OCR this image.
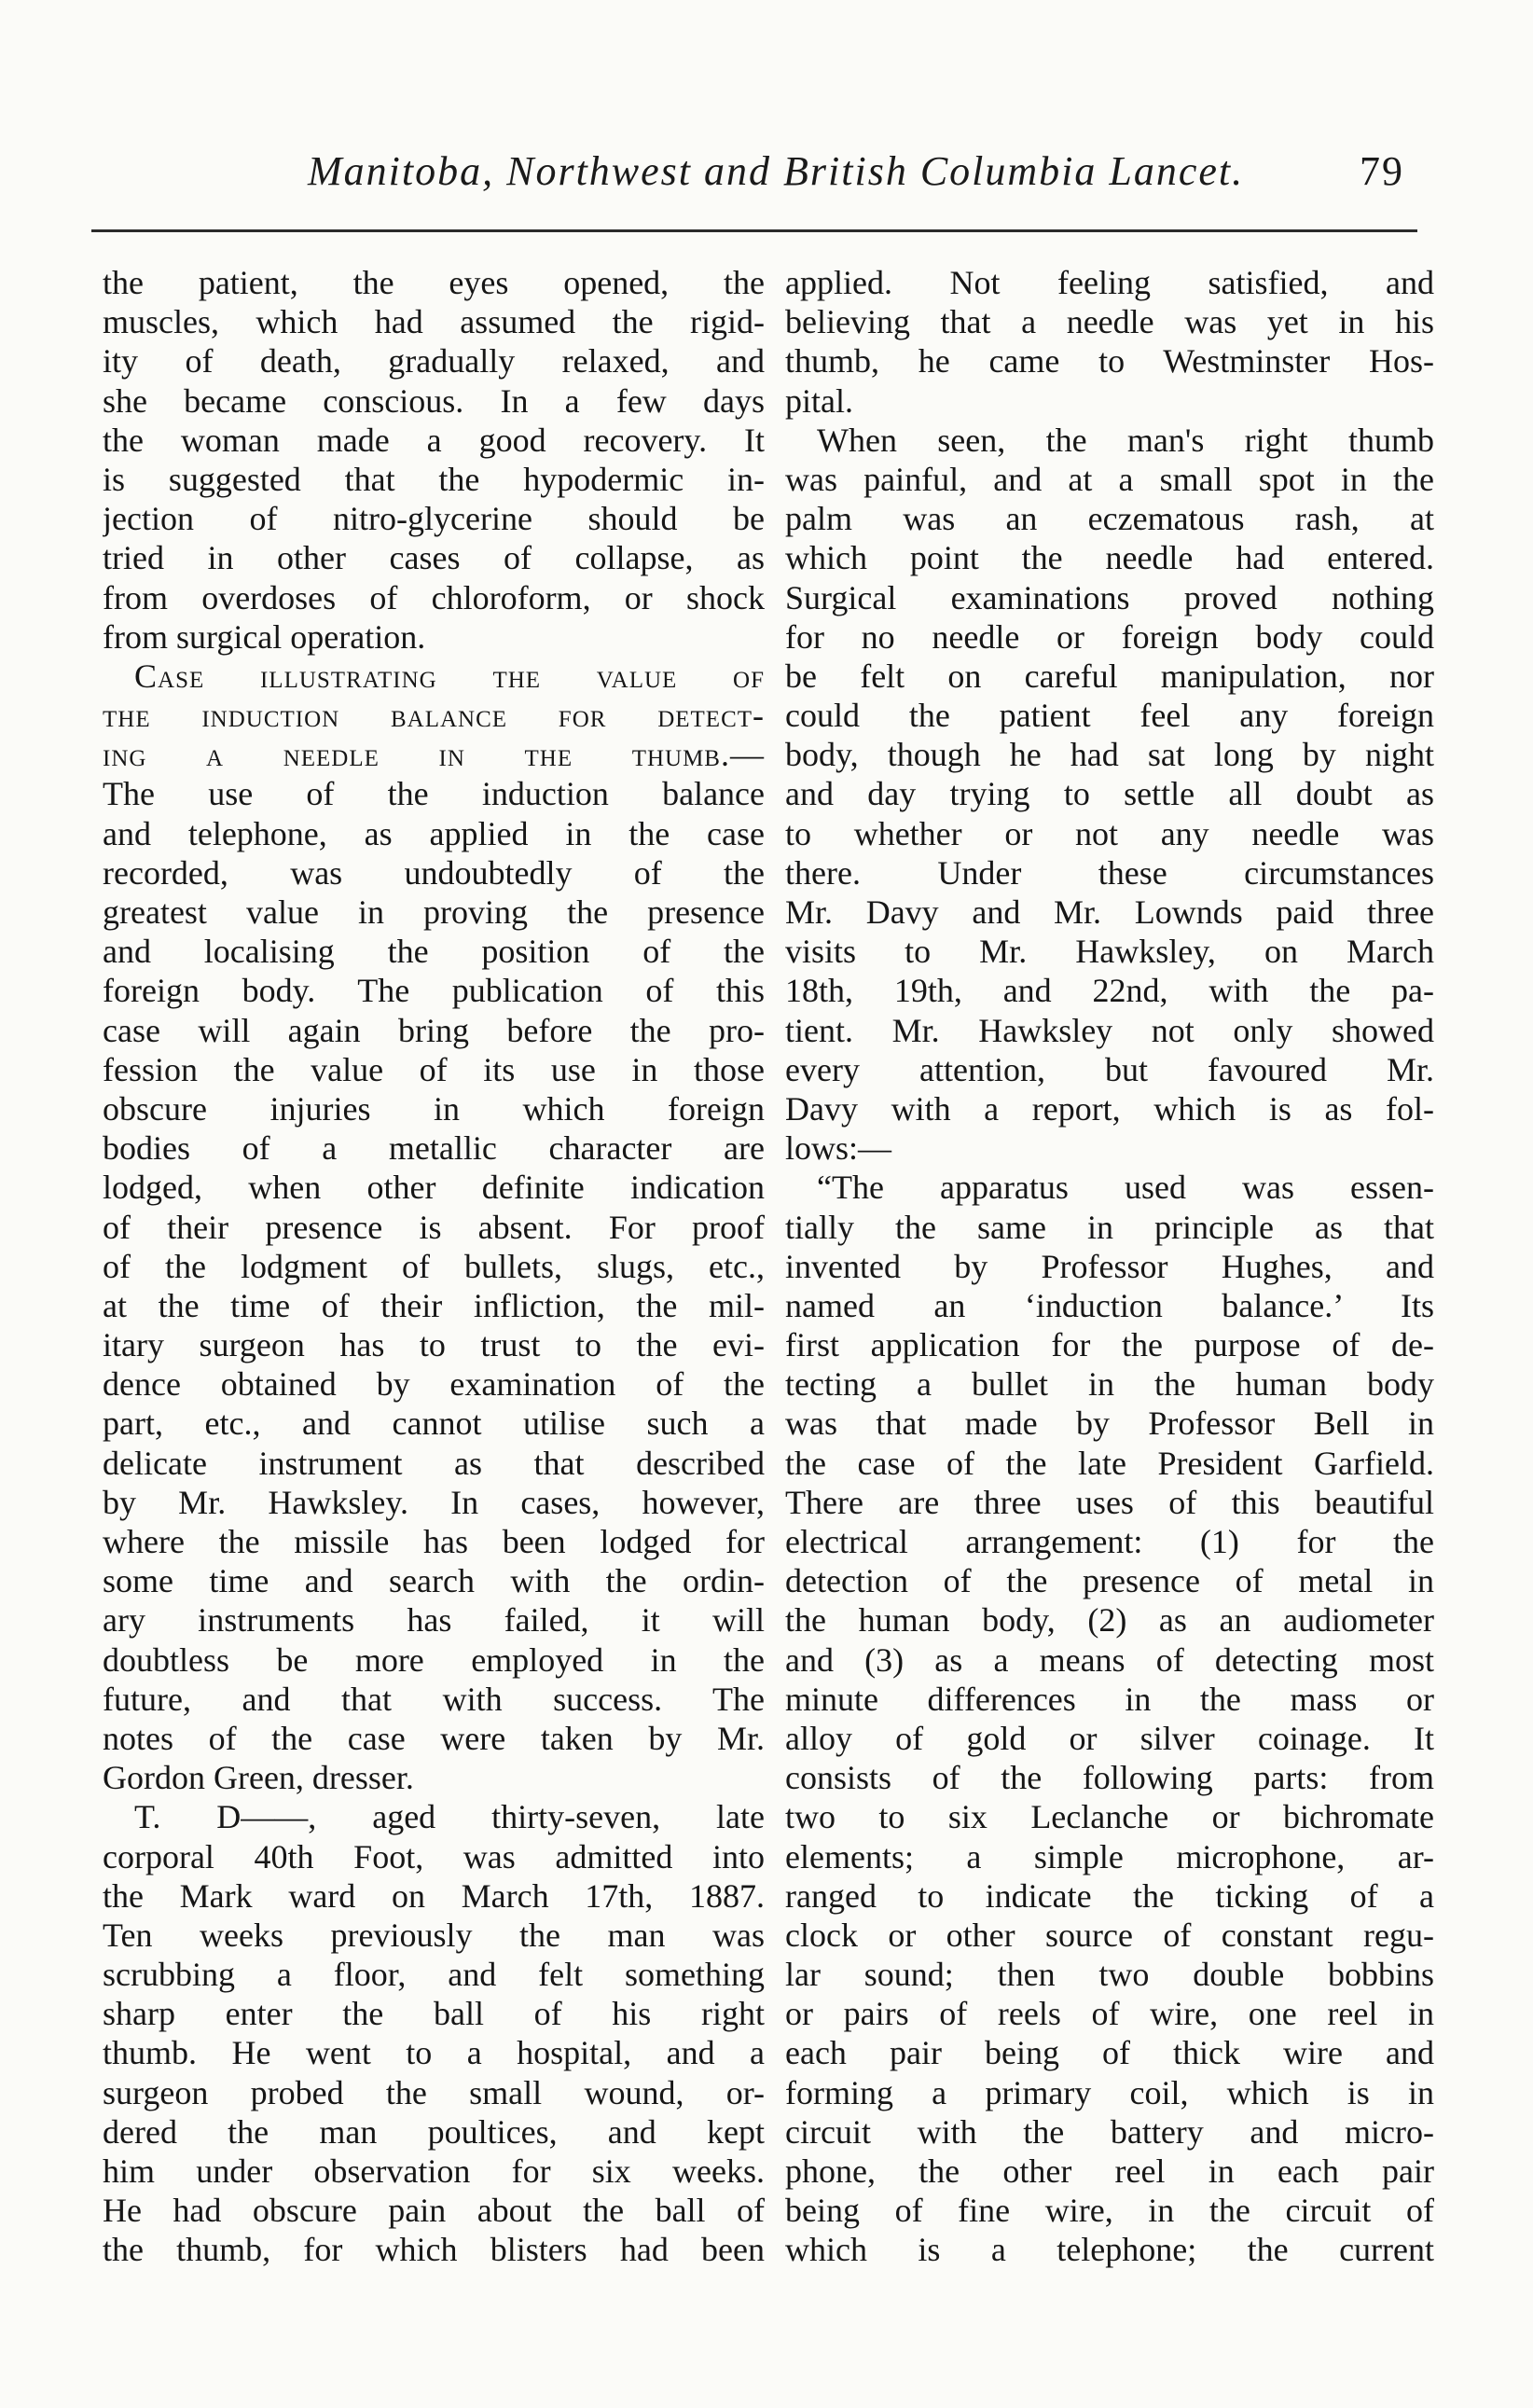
Manitoba, Northwest and British Columbia Lancet.	79
the patient, the eyes opened, the
muscles, which had assumed the rigid-
ity of death, gradually relaxed, and
she became conscious. In a few days
the woman made a good recovery. It
is suggested that the hypodermic in-
jection of nitro-glycerine should be
tried in other cases of collapse, as
from overdoses of chloroform, or shock
from surgical operation.
Case illustrating the value of
the induction balance for detect-
ing a needle in the thumb.—
The use of the induction balance
and telephone, as applied in the case
recorded, was undoubtedly of the
greatest value in proving the presence
and localising the position of the
foreign body. The publication of this
case will again bring before the pro-
fession the value of its use in those
obscure injuries in which foreign
bodies of a metallic character are
lodged, when other definite indication
of their presence is absent. For proof
of the lodgment of bullets, slugs, etc.,
at the time of their infliction, the mil-
itary surgeon has to trust to the evi-
dence obtained by examination of the
part, etc., and cannot utilise such a
delicate instrument as that described
by Mr. Hawksley. In cases, however,
where the missile has been lodged for
some time and search with the ordin-
ary instruments has failed, it will
doubtless be more employed in the
future, and that with success. The
notes of the case were taken by Mr.
Gordon Green, dresser.
T. D——, aged thirty-seven, late
corporal 40th Foot, was admitted into
the Mark ward on March 17th, 1887.
Ten weeks previously the man was
scrubbing a floor, and felt something
sharp enter the ball of his right
thumb. He went to a hospital, and a
surgeon probed the small wound, or-
dered the man poultices, and kept
him under observation for six weeks.
He had obscure pain about the ball of
the thumb, for which blisters had been
applied. Not feeling satisfied, and
believing that a needle was yet in his
thumb, he came to Westminster Hos-
pital.
When seen, the man's right thumb
was painful, and at a small spot in the
palm was an eczematous rash, at
which point the needle had entered.
Surgical examinations proved nothing
for no needle or foreign body could
be felt on careful manipulation, nor
could the patient feel any foreign
body, though he had sat long by night
and day trying to settle all doubt as
to whether or not any needle was
there. Under these circumstances
Mr. Davy and Mr. Lownds paid three
visits to Mr. Hawksley, on March
18th, 19th, and 22nd, with the pa-
tient. Mr. Hawksley not only showed
every attention, but favoured Mr.
Davy with a report, which is as fol-
lows:—
“The apparatus used was essen-
tially the same in principle as that
invented by Professor Hughes, and
named an ‘induction balance.’ Its
first application for the purpose of de-
tecting a bullet in the human body
was that made by Professor Bell in
the case of the late President Garfield.
There are three uses of this beautiful
electrical arrangement: (1) for the
detection of the presence of metal in
the human body, (2) as an audiometer
and (3) as a means of detecting most
minute differences in the mass or
alloy of gold or silver coinage. It
consists of the following parts: from
two to six Leclanche or bichromate
elements; a simple microphone, ar-
ranged to indicate the ticking of a
clock or other source of constant regu-
lar sound; then two double bobbins
or pairs of reels of wire, one reel in
each pair being of thick wire and
forming a primary coil, which is in
circuit with the battery and micro-
phone, the other reel in each pair
being of fine wire, in the circuit of
which is a telephone; the current
